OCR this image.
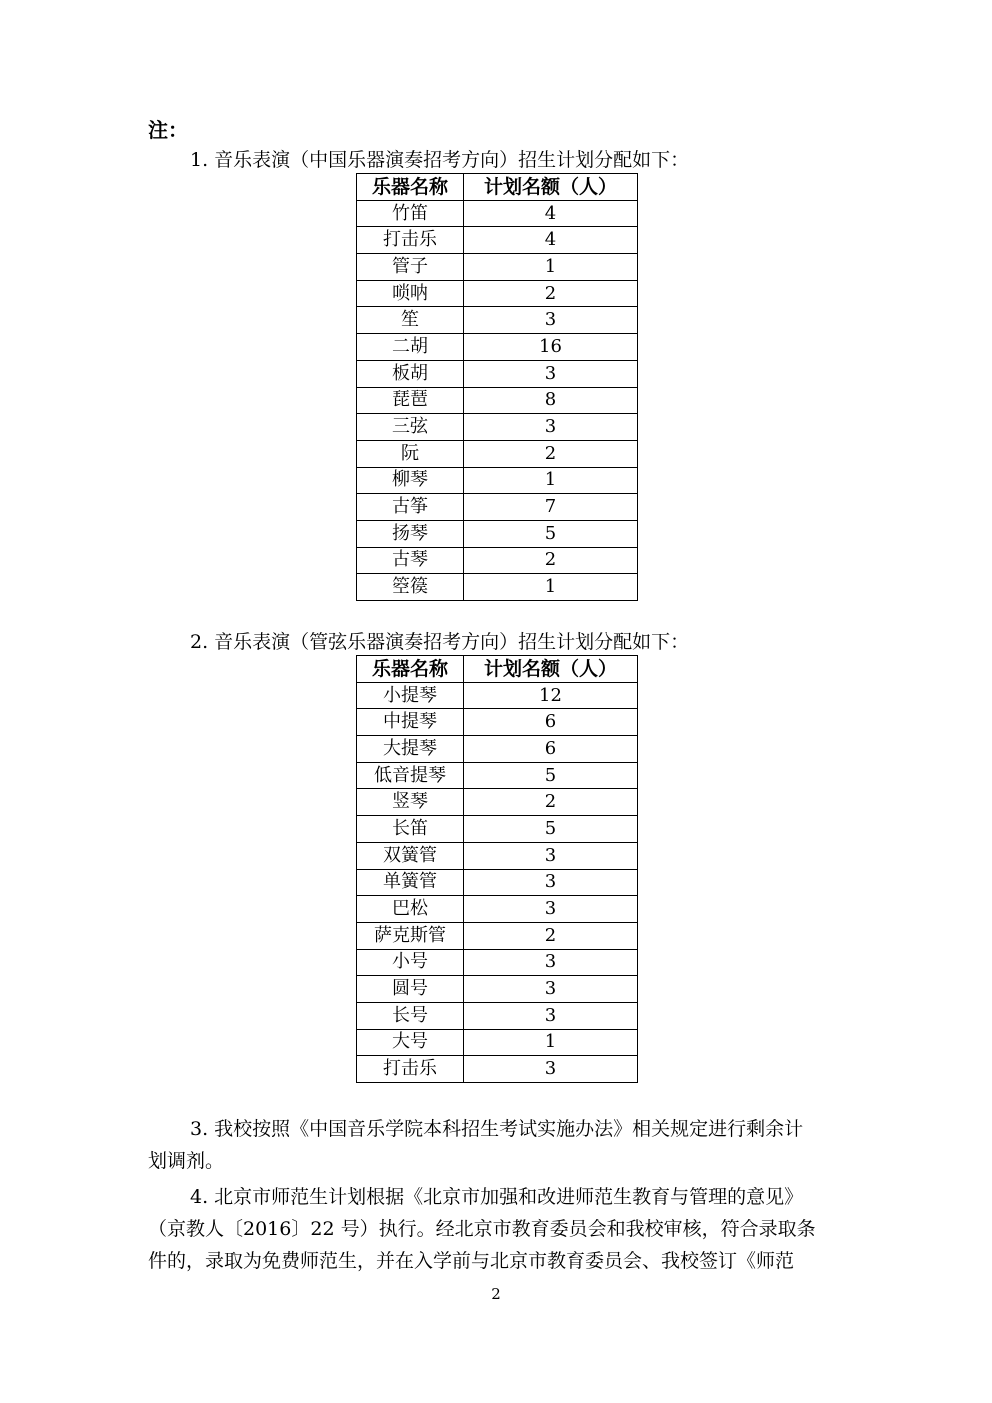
注：
1. 音乐表演（中国乐器演奏招考方向）招生计划分配如下：
乐器名称	计划名额（人）
竹笛	4
打击乐	4
管子	1
唢呐	2
笙	3
二胡	16
板胡	3
琵琶	8
三弦	3
阮	2
柳琴	1
古筝	7
扬琴	5
古琴	2
箜篌	1
2. 音乐表演（管弦乐器演奏招考方向）招生计划分配如下：
乐器名称	计划名额（人）
小提琴	12
中提琴	6
大提琴	6
低音提琴	5
竖琴	2
长笛	5
双簧管	3
单簧管	3
巴松	3
萨克斯管	2
小号	3
圆号	3
长号	3
大号	1
打击乐	3
3. 我校按照《中国音乐学院本科招生考试实施办法》相关规定进行剩余计
划调剂。
4. 北京市师范生计划根据《北京市加强和改进师范生教育与管理的意见》
（京教人〔2016〕22 号）执行。经北京市教育委员会和我校审核，符合录取条
件的，录取为免费师范生，并在入学前与北京市教育委员会、我校签订《师范
2
